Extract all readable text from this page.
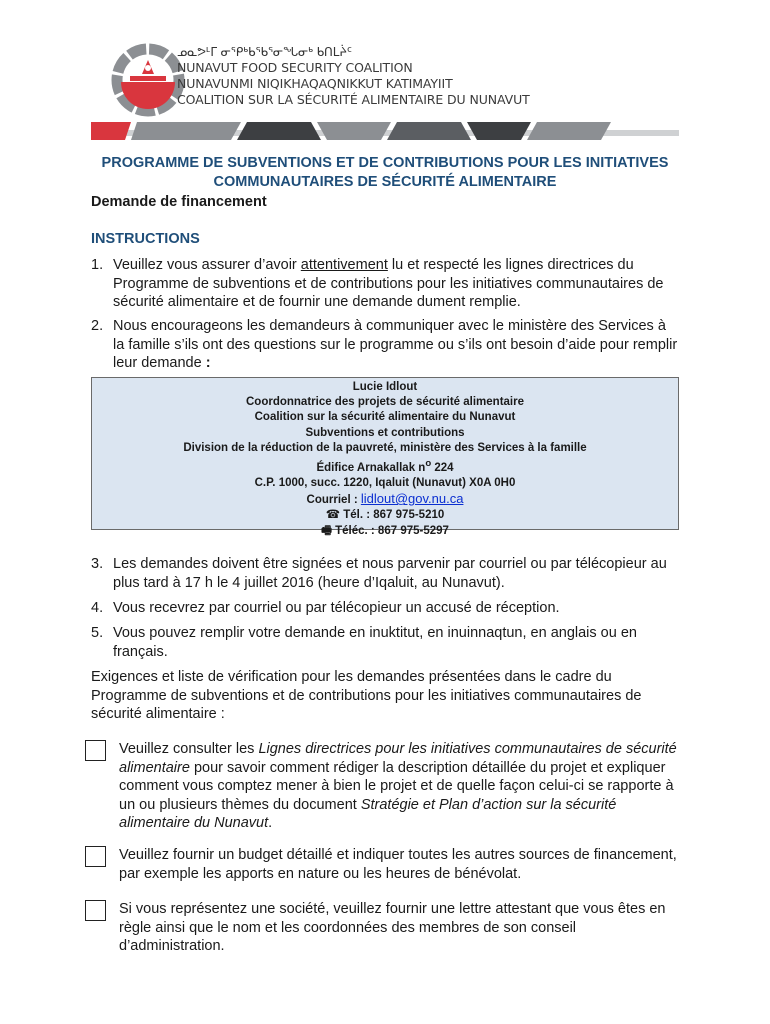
ᓄᓇᕗᒻᒥ ᓂᕿᒃᑲᖃᕐᓂᖓᓂᒃ ᑲᑎᒪᔩᑦ
NUNAVUT FOOD SECURITY COALITION
NUNAVUNMI NIQIKHAQAQNIKKUT KATIMAYIIT
COALITION SUR LA SÉCURITÉ ALIMENTAIRE DU NUNAVUT
PROGRAMME DE SUBVENTIONS ET DE CONTRIBUTIONS POUR LES INITIATIVES COMMUNAUTAIRES DE SÉCURITÉ ALIMENTAIRE
Demande de financement
INSTRUCTIONS
1. Veuillez vous assurer d’avoir attentivement lu et respecté les lignes directrices du Programme de subventions et de contributions pour les initiatives communautaires de sécurité alimentaire et de fournir une demande dument remplie.
2. Nous encourageons les demandeurs à communiquer avec le ministère des Services à la famille s’ils ont des questions sur le programme ou s’ils ont besoin d’aide pour remplir leur demande :
Lucie Idlout
Coordonnatrice des projets de sécurité alimentaire
Coalition sur la sécurité alimentaire du Nunavut
Subventions et contributions
Division de la réduction de la pauvreté, ministère des Services à la famille
Édifice Arnakallak $n^o$ 224
C.P. 1000, succ. 1220, Iqaluit (Nunavut) X0A 0H0
Courriel : lidlout@gov.nu.ca
☎ Tél. : 867 975-5210
🖷 Téléc. : 867 975-5297
3. Les demandes doivent être signées et nous parvenir par courriel ou par télécopieur au plus tard à 17 h le 4 juillet 2016 (heure d’Iqaluit, au Nunavut).
4. Vous recevrez par courriel ou par télécopieur un accusé de réception.
5. Vous pouvez remplir votre demande en inuktitut, en inuinnaqtun, en anglais ou en français.
Exigences et liste de vérification pour les demandes présentées dans le cadre du Programme de subventions et de contributions pour les initiatives communautaires de sécurité alimentaire :
Veuillez consulter les Lignes directrices pour les initiatives communautaires de sécurité alimentaire pour savoir comment rédiger la description détaillée du projet et expliquer comment vous comptez mener à bien le projet et de quelle façon celui-ci se rapporte à un ou plusieurs thèmes du document Stratégie et Plan d’action sur la sécurité alimentaire du Nunavut.
Veuillez fournir un budget détaillé et indiquer toutes les autres sources de financement, par exemple les apports en nature ou les heures de bénévolat.
Si vous représentez une société, veuillez fournir une lettre attestant que vous êtes en règle ainsi que le nom et les coordonnées des membres de son conseil d’administration.
